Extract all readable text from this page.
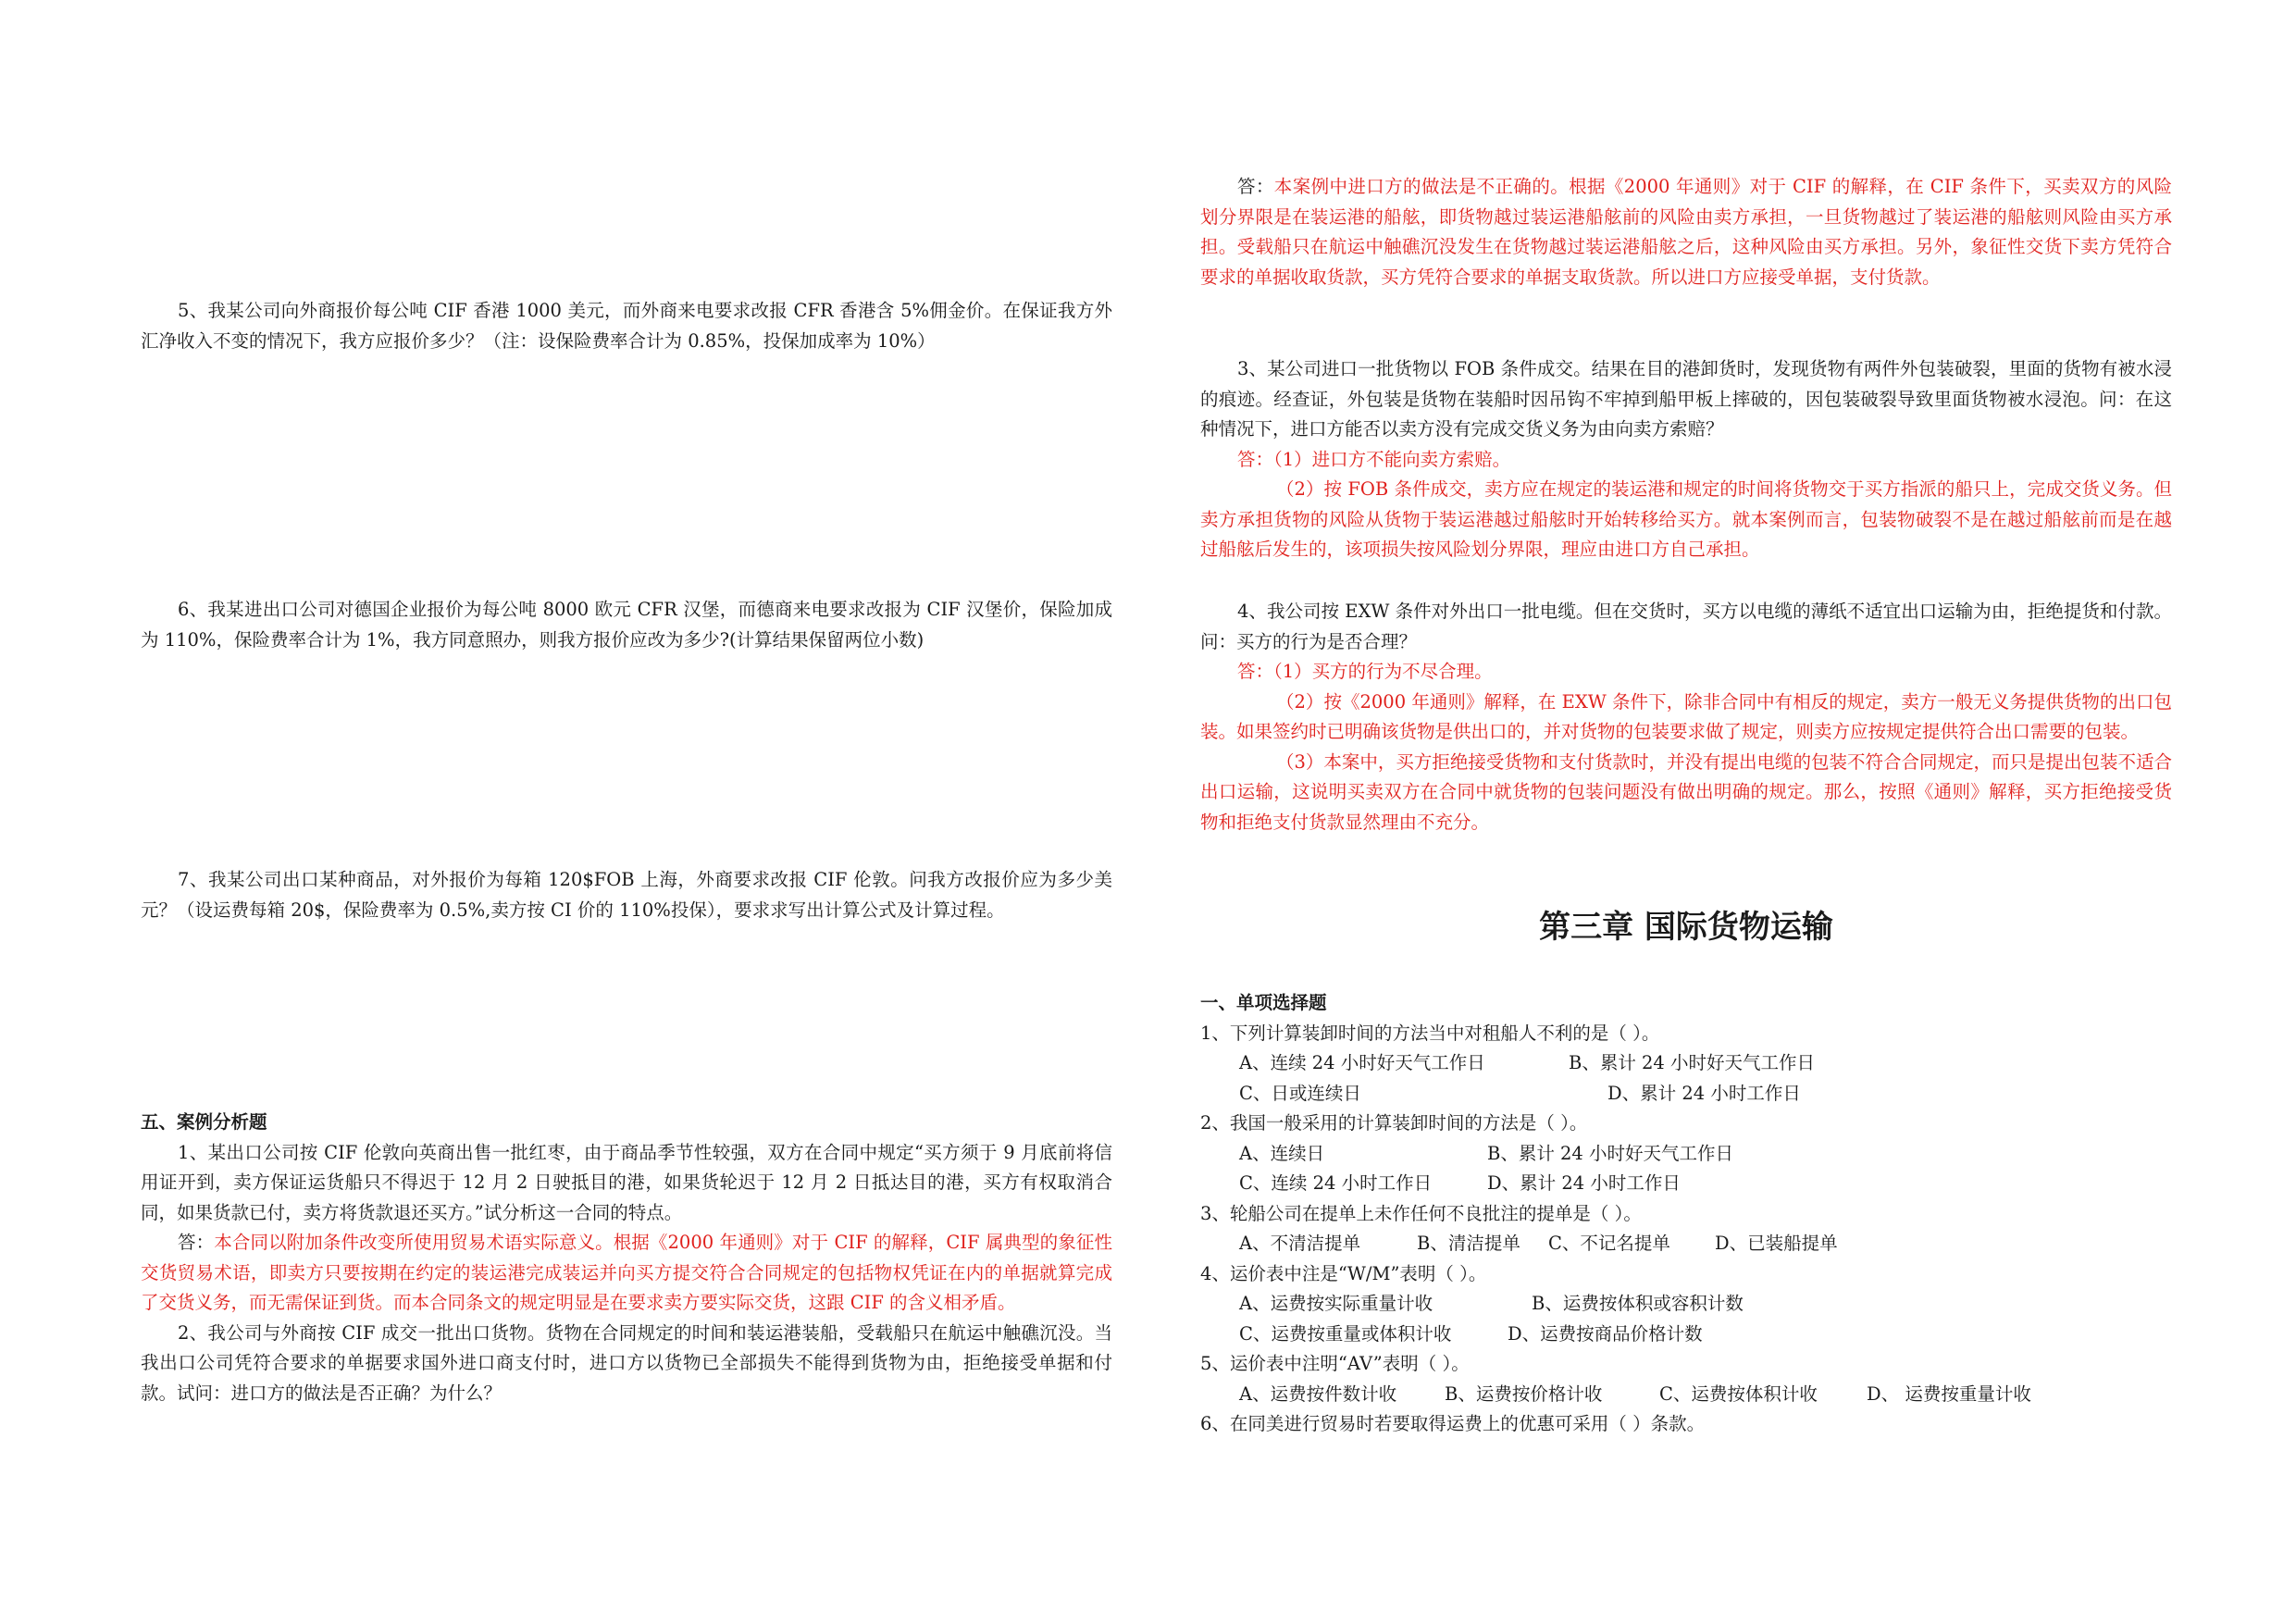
5、我某公司向外商报价每公吨 CIF 香港 1000 美元，而外商来电要求改报 CFR 香港含 5%佣金价。在保证我方外汇净收入不变的情况下，我方应报价多少？（注：设保险费率合计为 0.85%，投保加成率为 10%）

6、我某进出口公司对德国企业报价为每公吨 8000 欧元 CFR 汉堡，而德商来电要求改报为 CIF 汉堡价，保险加成为 110%，保险费率合计为 1%，我方同意照办，则我方报价应改为多少?(计算结果保留两位小数)

7、我某公司出口某种商品，对外报价为每箱 120$FOB 上海，外商要求改报 CIF 伦敦。问我方改报价应为多少美元？（设运费每箱 20$，保险费率为 0.5%,卖方按 CI 价的 110%投保），要求求写出计算公式及计算过程。

五、案例分析题

1、某出口公司按 CIF 伦敦向英商出售一批红枣，由于商品季节性较强，双方在合同中规定“买方须于 9 月底前将信用证开到，卖方保证运货船只不得迟于 12 月 2 日驶抵目的港，如果货轮迟于 12 月 2 日抵达目的港，买方有权取消合同，如果货款已付，卖方将货款退还买方。”试分析这一合同的特点。

答：本合同以附加条件改变所使用贸易术语实际意义。根据《2000 年通则》对于 CIF 的解释，CIF 属典型的象征性交货贸易术语，即卖方只要按期在约定的装运港完成装运并向买方提交符合合同规定的包括物权凭证在内的单据就算完成了交货义务，而无需保证到货。而本合同条文的规定明显是在要求卖方要实际交货，这跟 CIF 的含义相矛盾。

2、我公司与外商按 CIF 成交一批出口货物。货物在合同规定的时间和装运港装船，受载船只在航运中触礁沉没。当我出口公司凭符合要求的单据要求国外进口商支付时，进口方以货物已全部损失不能得到货物为由，拒绝接受单据和付款。试问：进口方的做法是否正确？为什么？

答：本案例中进口方的做法是不正确的。根据《2000 年通则》对于 CIF 的解释，在 CIF 条件下，买卖双方的风险划分界限是在装运港的船舷，即货物越过装运港船舷前的风险由卖方承担，一旦货物越过了装运港的船舷则风险由买方承担。受载船只在航运中触礁沉没发生在货物越过装运港船舷之后，这种风险由买方承担。另外，象征性交货下卖方凭符合要求的单据收取货款，买方凭符合要求的单据支取货款。所以进口方应接受单据，支付货款。

3、某公司进口一批货物以 FOB 条件成交。结果在目的港卸货时，发现货物有两件外包装破裂，里面的货物有被水浸的痕迹。经查证，外包装是货物在装船时因吊钩不牢掉到船甲板上摔破的，因包装破裂导致里面货物被水浸泡。问：在这种情况下，进口方能否以卖方没有完成交货义务为由向卖方索赔？

答：（1）进口方不能向卖方索赔。

（2）按 FOB 条件成交，卖方应在规定的装运港和规定的时间将货物交于买方指派的船只上，完成交货义务。但卖方承担货物的风险从货物于装运港越过船舷时开始转移给买方。就本案例而言，包装物破裂不是在越过船舷前而是在越过船舷后发生的，该项损失按风险划分界限，理应由进口方自己承担。

4、我公司按 EXW 条件对外出口一批电缆。但在交货时，买方以电缆的薄纸不适宜出口运输为由，拒绝提货和付款。问：买方的行为是否合理？

答：（1）买方的行为不尽合理。

（2）按《2000 年通则》解释，在 EXW 条件下，除非合同中有相反的规定，卖方一般无义务提供货物的出口包装。如果签约时已明确该货物是供出口的，并对货物的包装要求做了规定，则卖方应按规定提供符合出口需要的包装。

（3）本案中，买方拒绝接受货物和支付货款时，并没有提出电缆的包装不符合合同规定，而只是提出包装不适合出口运输，这说明买卖双方在合同中就货物的包装问题没有做出明确的规定。那么，按照《通则》解释，买方拒绝接受货物和拒绝支付货款显然理由不充分。

第三章 国际货物运输

一、单项选择题

1、下列计算装卸时间的方法当中对租船人不利的是（ ）。

A、连续 24 小时好天气工作日	B、累计 24 小时好天气工作日
C、日或连续日	D、累计 24 小时工作日

2、我国一般采用的计算装卸时间的方法是（ ）。

A、连续日	B、累计 24 小时好天气工作日
C、连续 24 小时工作日	D、累计 24 小时工作日

3、轮船公司在提单上未作任何不良批注的提单是（ ）。

A、不清洁提单	B、清洁提单	C、不记名提单	D、已装船提单

4、运价表中注是“W/M”表明（ ）。

A、运费按实际重量计收	B、运费按体积或容积计数
C、运费按重量或体积计收	D、运费按商品价格计数

5、运价表中注明“AV”表明（ ）。

A、运费按件数计收	B、运费按价格计收	C、运费按体积计收	D、 运费按重量计收

6、在同美进行贸易时若要取得运费上的优惠可采用（ ）条款。
